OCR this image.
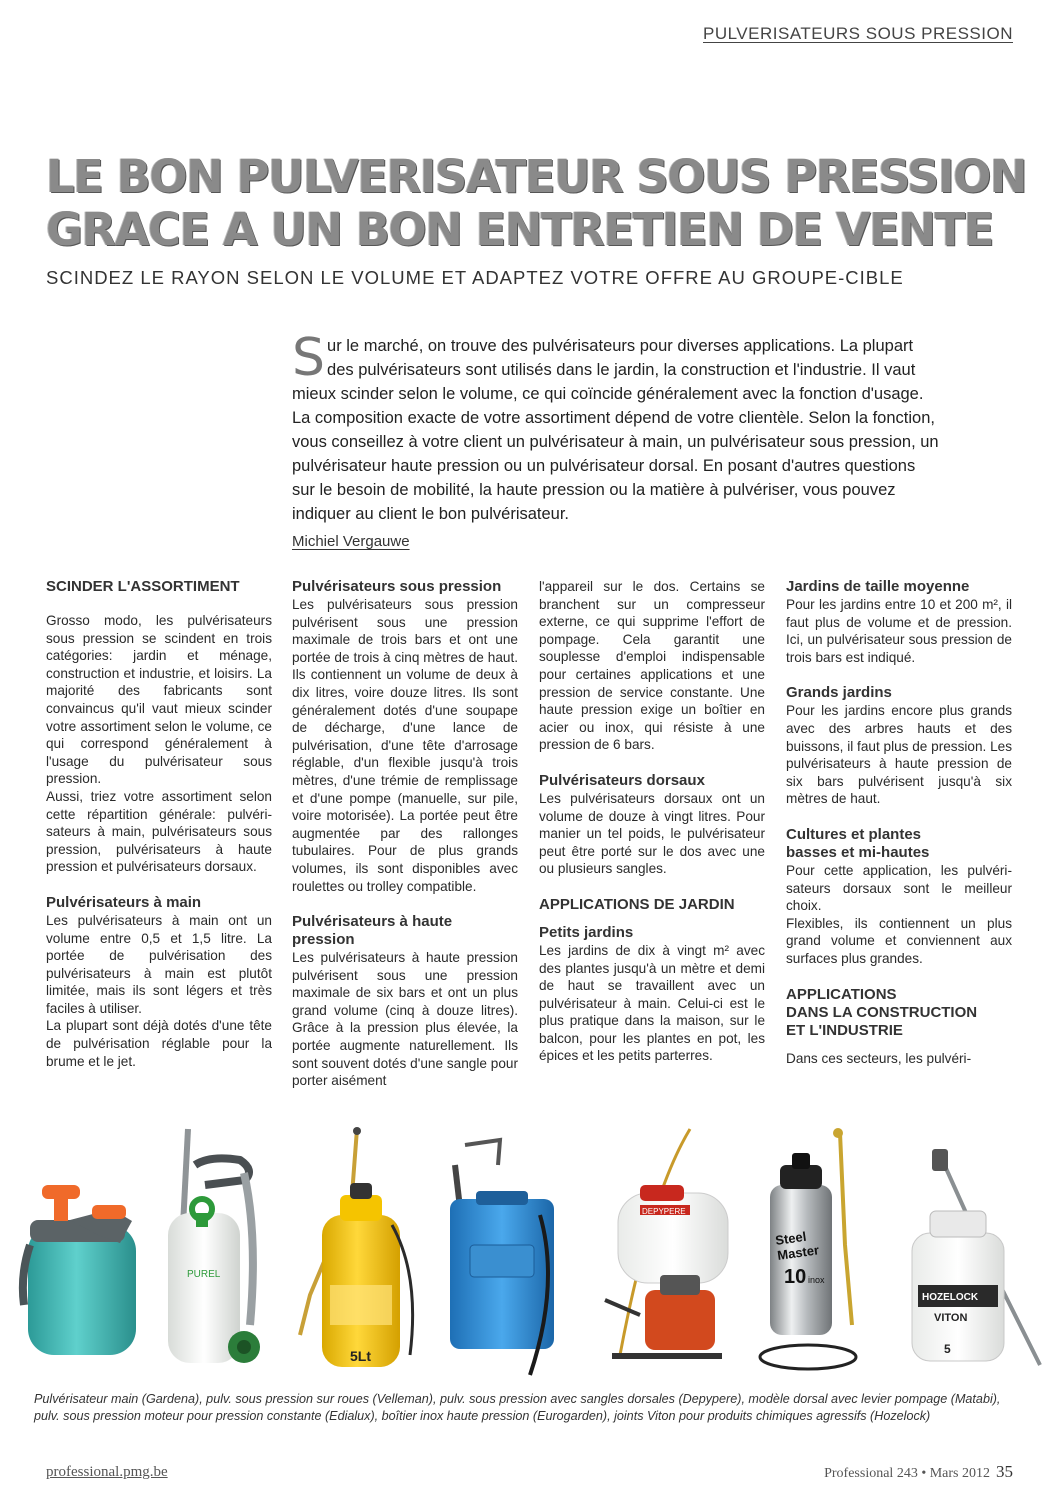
PULVERISATEURS SOUS PRESSION
LE BON PULVERISATEUR SOUS PRESSION
GRACE A UN BON ENTRETIEN DE VENTE
SCINDEZ LE RAYON SELON LE VOLUME ET ADAPTEZ VOTRE OFFRE AU GROUPE-CIBLE
Sur le marché, on trouve des pulvérisateurs pour diverses applications. La plupart des pulvérisateurs sont utilisés dans le jardin, la construction et l'industrie. Il vaut mieux scinder selon le volume, ce qui coïncide généralement avec la fonction d'usage. La composition exacte de votre assortiment dépend de votre clientèle. Selon la fonction, vous conseillez à votre client un pulvérisateur à main, un pulvérisateur sous pression, un pulvérisateur haute pression ou un pulvérisateur dorsal. En posant d'autres questions sur le besoin de mobilité, la haute pression ou la matière à pulvériser, vous pouvez indiquer au client le bon pulvérisateur.
Michiel Vergauwe
SCINDER L'ASSORTIMENT

Grosso modo, les pulvérisateurs sous pression se scindent en trois catégories: jardin et ménage, construction et industrie, et loisirs. La majorité des fabricants sont convaincus qu'il vaut mieux scinder votre assortiment selon le volume, ce qui correspond généralement à l'usage du pulvérisateur sous pression.

Aussi, triez votre assortiment selon cette répartition générale: pulvérisateurs à main, pulvérisateurs sous pression, pulvérisateurs à haute pression et pulvérisateurs dorsaux.

Pulvérisateurs à main

Les pulvérisateurs à main ont un volume entre 0,5 et 1,5 litre. La portée de pulvérisation des pulvérisateurs à main est plutôt limitée, mais ils sont légers et très faciles à utiliser.

La plupart sont déjà dotés d'une tête de pulvérisation réglable pour la brume et le jet.

Pulvérisateurs sous pression

Les pulvérisateurs sous pression pulvérisent sous une pression maximale de trois bars et ont une portée de trois à cinq mètres de haut. Ils contiennent un volume de deux à dix litres, voire douze litres. Ils sont généralement dotés d'une soupape de décharge, d'une lance de pulvérisation, d'une tête d'arrosage réglable, d'un flexible jusqu'à trois mètres, d'une trémie de remplissage et d'une pompe (manuelle, sur pile, voire motorisée). La portée peut être augmentée par des rallonges tubulaires. Pour de plus grands volumes, ils sont disponibles avec roulettes ou trolley compatible.

Pulvérisateurs à haute pression

Les pulvérisateurs à haute pression pulvérisent sous une pression maximale de six bars et ont un plus grand volume (cinq à douze litres). Grâce à la pression plus élevée, la portée augmente naturellement. Ils sont souvent dotés d'une sangle pour porter aisément

l'appareil sur le dos. Certains se branchent sur un compresseur externe, ce qui supprime l'effort de pompage. Cela garantit une souplesse d'emploi indispensable pour certaines applications et une pression de service constante. Une haute pression exige un boîtier en acier ou inox, qui résiste à une pression de 6 bars.

Pulvérisateurs dorsaux

Les pulvérisateurs dorsaux ont un volume de douze à vingt litres. Pour manier un tel poids, le pulvérisateur peut être porté sur le dos avec une ou plusieurs sangles.

APPLICATIONS DE JARDIN
Petits jardins

Les jardins de dix à vingt m² avec des plantes jusqu'à un mètre et demi de haut se travaillent avec un pulvérisateur à main. Celui-ci est le plus pratique dans la maison, sur le balcon, pour les plantes en pot, les épices et les petits parterres.

Jardins de taille moyenne

Pour les jardins entre 10 et 200 m², il faut plus de volume et de pression. Ici, un pulvérisateur sous pression de trois bars est indiqué.

Grands jardins

Pour les jardins encore plus grands avec des arbres hauts et des buissons, il faut plus de pression. Les pulvérisateurs à haute pression de six bars pulvérisent jusqu'à six mètres de haut.

Cultures et plantes
basses et mi-hautes

Pour cette application, les pulvérisateurs dorsaux sont le meilleur choix.

Flexibles, ils contiennent un plus grand volume et conviennent aux surfaces plus grandes.

APPLICATIONS
DANS LA CONSTRUCTION
ET L'INDUSTRIE

Dans ces secteurs, les pulvéri-

PUREL
5Lt
DEPYPERE
Steel
Master
10 inox
HOZELOCK
VITON
5
Pulvérisateur main (Gardena), pulv. sous pression sur roues (Velleman), pulv. sous pression avec sangles dorsales (Depypere), modèle dorsal avec levier pompage (Matabi), pulv. sous pression moteur pour pression constante (Edialux), boîtier inox haute pression (Eurogarden), joints Viton pour produits chimiques agressifs (Hozelock)
professional.pmg.be	Professional 243 • Mars 2012 35
